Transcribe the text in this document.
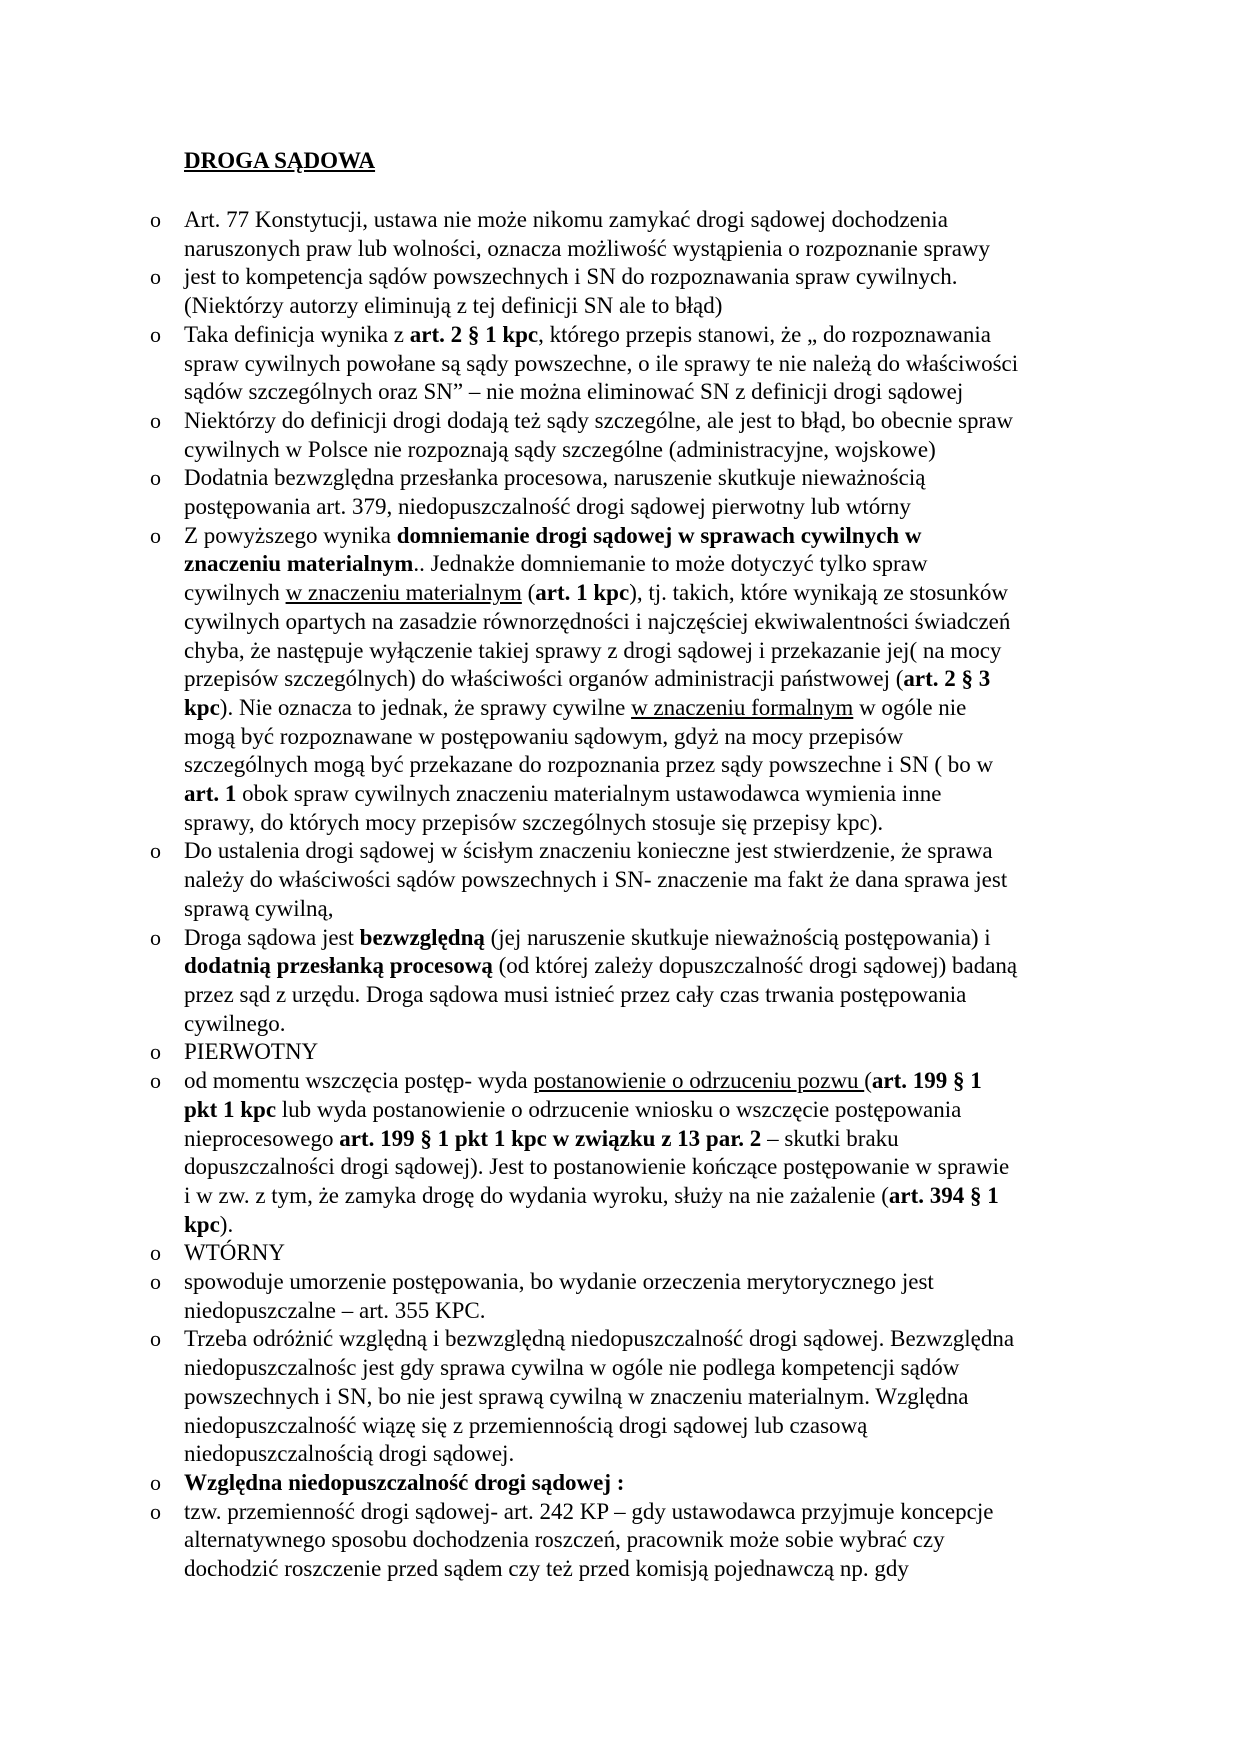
DROGA SĄDOWA
o Art. 77 Konstytucji, ustawa nie może nikomu zamykać drogi sądowej dochodzenia
naruszonych praw lub wolności, oznacza możliwość wystąpienia o rozpoznanie sprawy
o jest to kompetencja sądów powszechnych i SN do rozpoznawania spraw cywilnych.
(Niektórzy autorzy eliminują z tej definicji SN ale to błąd)
o Taka definicja wynika z art. 2 § 1 kpc, którego przepis stanowi, że „ do rozpoznawania
spraw cywilnych powołane są sądy powszechne, o ile sprawy te nie należą do właściwości
sądów szczególnych oraz SN” – nie można eliminować SN z definicji drogi sądowej
o Niektórzy do definicji drogi dodają też sądy szczególne, ale jest to błąd, bo obecnie spraw
cywilnych w Polsce nie rozpoznają sądy szczególne (administracyjne, wojskowe)
o Dodatnia bezwzględna przesłanka procesowa, naruszenie skutkuje nieważnością
postępowania art. 379, niedopuszczalność drogi sądowej pierwotny lub wtórny
o Z powyższego wynika domniemanie drogi sądowej w sprawach cywilnych w
znaczeniu materialnym.. Jednakże domniemanie to może dotyczyć tylko spraw
cywilnych w znaczeniu materialnym (art. 1 kpc), tj. takich, które wynikają ze stosunków
cywilnych opartych na zasadzie równorzędności i najczęściej ekwiwalentności świadczeń
chyba, że następuje wyłączenie takiej sprawy z drogi sądowej i przekazanie jej( na mocy
przepisów szczególnych) do właściwości organów administracji państwowej (art. 2 § 3
kpc). Nie oznacza to jednak, że sprawy cywilne w znaczeniu formalnym w ogóle nie
mogą być rozpoznawane w postępowaniu sądowym, gdyż na mocy przepisów
szczególnych mogą być przekazane do rozpoznania przez sądy powszechne i SN ( bo w
art. 1 obok spraw cywilnych znaczeniu materialnym ustawodawca wymienia inne
sprawy, do których mocy przepisów szczególnych stosuje się przepisy kpc).
o Do ustalenia drogi sądowej w ścisłym znaczeniu konieczne jest stwierdzenie, że sprawa
należy do właściwości sądów powszechnych i SN- znaczenie ma fakt że dana sprawa jest
sprawą cywilną,
o Droga sądowa jest bezwzględną (jej naruszenie skutkuje nieważnością postępowania) i
dodatnią przesłanką procesową (od której zależy dopuszczalność drogi sądowej) badaną
przez sąd z urzędu. Droga sądowa musi istnieć przez cały czas trwania postępowania
cywilnego.
o PIERWOTNY
o od momentu wszczęcia postęp- wyda postanowienie o odrzuceniu pozwu (art. 199 § 1
pkt 1 kpc lub wyda postanowienie o odrzucenie wniosku o wszczęcie postępowania
nieprocesowego art. 199 § 1 pkt 1 kpc w związku z 13 par. 2 – skutki braku
dopuszczalności drogi sądowej). Jest to postanowienie kończące postępowanie w sprawie
i w zw. z tym, że zamyka drogę do wydania wyroku, służy na nie zażalenie (art. 394 § 1
kpc).
o WTÓRNY
o spowoduje umorzenie postępowania, bo wydanie orzeczenia merytorycznego jest
niedopuszczalne – art. 355 KPC.
o Trzeba odróżnić względną i bezwzględną niedopuszczalność drogi sądowej. Bezwzględna
niedopuszczalnośc jest gdy sprawa cywilna w ogóle nie podlega kompetencji sądów
powszechnych i SN, bo nie jest sprawą cywilną w znaczeniu materialnym. Względna
niedopuszczalność wiązę się z przemiennością drogi sądowej lub czasową
niedopuszczalnością drogi sądowej.
o Względna niedopuszczalność drogi sądowej :
o tzw. przemienność drogi sądowej- art. 242 KP – gdy ustawodawca przyjmuje koncepcje
alternatywnego sposobu dochodzenia roszczeń, pracownik może sobie wybrać czy
dochodzić roszczenie przed sądem czy też przed komisją pojednawczą np. gdy
